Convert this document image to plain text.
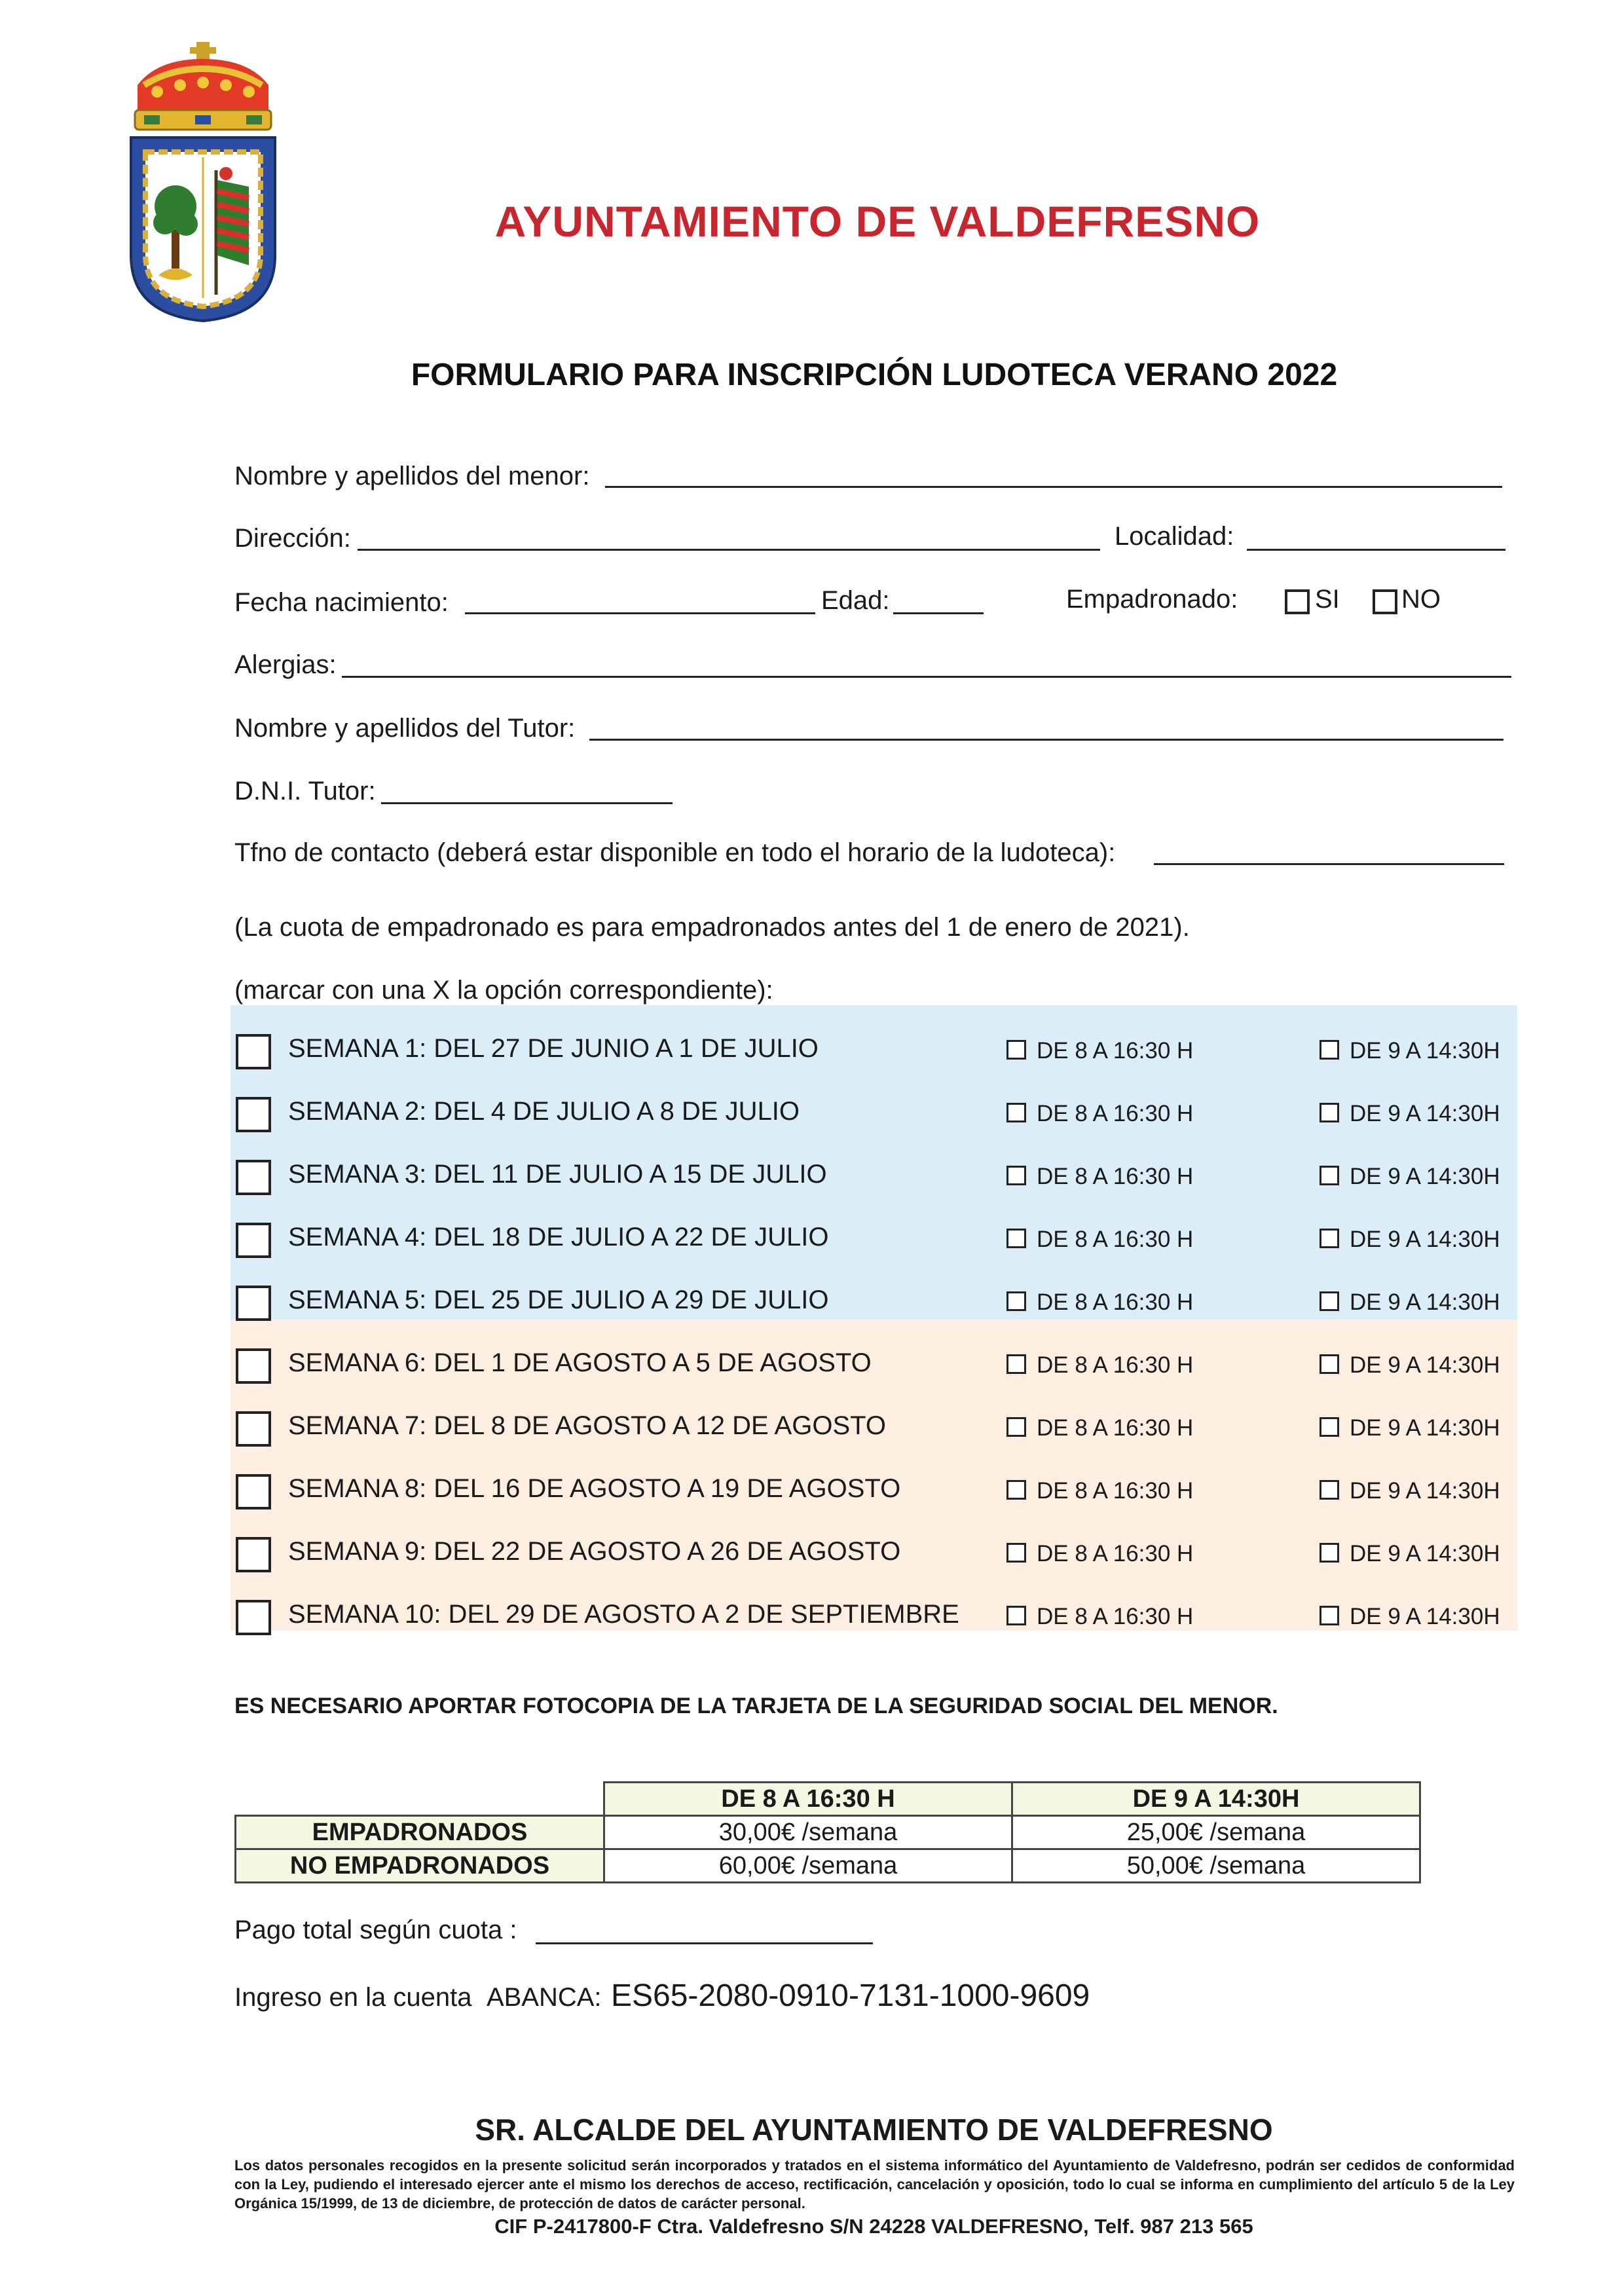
AYUNTAMIENTO DE VALDEFRESNO
FORMULARIO PARA INSCRIPCIÓN LUDOTECA VERANO 2022
Nombre y apellidos del menor:
Dirección:	Localidad:
Fecha nacimiento:	Edad:	Empadronado:	SI NO
Alergias:
Nombre y apellidos del Tutor:
D.N.I. Tutor:
Tfno de contacto (deberá estar disponible en todo el horario de la ludoteca):
(La cuota de empadronado es para empadronados antes del 1 de enero de 2021).
(marcar con una X la opción correspondiente):
SEMANA 1: DEL 27 DE JUNIO A 1 DE JULIO	DE 8 A 16:30 H	DE 9 A 14:30H
SEMANA 2: DEL 4 DE JULIO A 8 DE JULIO	DE 8 A 16:30 H	DE 9 A 14:30H
SEMANA 3: DEL 11 DE JULIO A 15 DE JULIO	DE 8 A 16:30 H	DE 9 A 14:30H
SEMANA 4: DEL 18 DE JULIO A 22 DE JULIO	DE 8 A 16:30 H	DE 9 A 14:30H
SEMANA 5: DEL 25 DE JULIO A 29 DE JULIO	DE 8 A 16:30 H	DE 9 A 14:30H
SEMANA 6: DEL 1 DE AGOSTO A 5 DE AGOSTO	DE 8 A 16:30 H	DE 9 A 14:30H
SEMANA 7: DEL 8 DE AGOSTO A 12 DE AGOSTO	DE 8 A 16:30 H	DE 9 A 14:30H
SEMANA 8: DEL 16 DE AGOSTO A 19 DE AGOSTO	DE 8 A 16:30 H	DE 9 A 14:30H
SEMANA 9: DEL 22 DE AGOSTO A 26 DE AGOSTO	DE 8 A 16:30 H	DE 9 A 14:30H
SEMANA 10: DEL 29 DE AGOSTO A 2 DE SEPTIEMBRE	DE 8 A 16:30 H	DE 9 A 14:30H
ES NECESARIO APORTAR FOTOCOPIA DE LA TARJETA DE LA SEGURIDAD SOCIAL DEL MENOR.
	DE 8 A 16:30 H	DE 9 A 14:30H
EMPADRONADOS	30,00€ /semana	25,00€ /semana
NO EMPADRONADOS	60,00€ /semana	50,00€ /semana
Pago total según cuota :
Ingreso en la cuenta ABANCA: ES65-2080-0910-7131-1000-9609
SR. ALCALDE DEL AYUNTAMIENTO DE VALDEFRESNO
Los datos personales recogidos en la presente solicitud serán incorporados y tratados en el sistema informático del Ayuntamiento de Valdefresno, podrán ser cedidos de conformidad con la Ley, pudiendo el interesado ejercer ante el mismo los derechos de acceso, rectificación, cancelación y oposición, todo lo cual se informa en cumplimiento del artículo 5 de la Ley Orgánica 15/1999, de 13 de diciembre, de protección de datos de carácter personal.
CIF P-2417800-F Ctra. Valdefresno S/N 24228 VALDEFRESNO, Telf. 987 213 565
